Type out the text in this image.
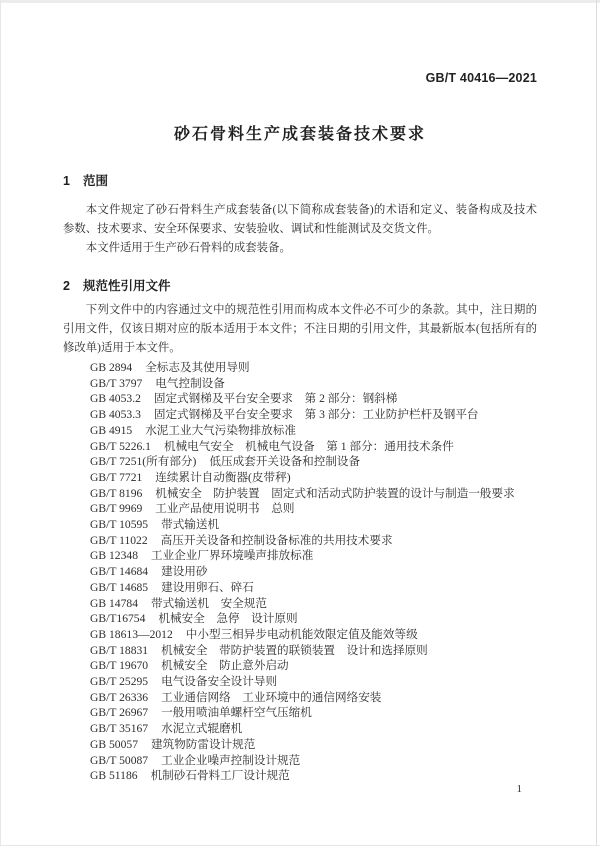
GB/T 40416—2021
砂石骨料生产成套装备技术要求
1 范围

本文件规定了砂石骨料生产成套装备(以下简称成套装备)的术语和定义、装备构成及技术参数、技术要求、安全环保要求、安装验收、调试和性能测试及交货文件。

本文件适用于生产砂石骨料的成套装备。

2 规范性引用文件

下列文件中的内容通过文中的规范性引用而构成本文件必不可少的条款。其中，注日期的引用文件，仅该日期对应的版本适用于本文件；不注日期的引用文件，其最新版本(包括所有的修改单)适用于本文件。

GB 2894 全标志及其使用导则
GB/T 3797 电气控制设备
GB 4053.2 固定式钢梯及平台安全要求　第 2 部分：钢斜梯
GB 4053.3 固定式钢梯及平台安全要求　第 3 部分：工业防护栏杆及钢平台
GB 4915 水泥工业大气污染物排放标准
GB/T 5226.1 机械电气安全　机械电气设备　第 1 部分：通用技术条件
GB/T 7251(所有部分) 低压成套开关设备和控制设备
GB/T 7721 连续累计自动衡器(皮带秤)
GB/T 8196 机械安全　防护装置　固定式和活动式防护装置的设计与制造一般要求
GB/T 9969 工业产品使用说明书　总则
GB/T 10595 带式输送机
GB/T 11022 高压开关设备和控制设备标准的共用技术要求
GB 12348 工业企业厂界环境噪声排放标准
GB/T 14684 建设用砂
GB/T 14685 建设用卵石、碎石
GB 14784 带式输送机　安全规范
GB/T16754 机械安全　急停　设计原则
GB 18613—2012 中小型三相异步电动机能效限定值及能效等级
GB/T 18831 机械安全　带防护装置的联锁装置　设计和选择原则
GB/T 19670 机械安全　防止意外启动
GB/T 25295 电气设备安全设计导则
GB/T 26336 工业通信网络　工业环境中的通信网络安装
GB/T 26967 一般用喷油单螺杆空气压缩机
GB/T 35167 水泥立式辊磨机
GB 50057 建筑物防雷设计规范
GB/T 50087 工业企业噪声控制设计规范
GB 51186 机制砂石骨料工厂设计规范
1
